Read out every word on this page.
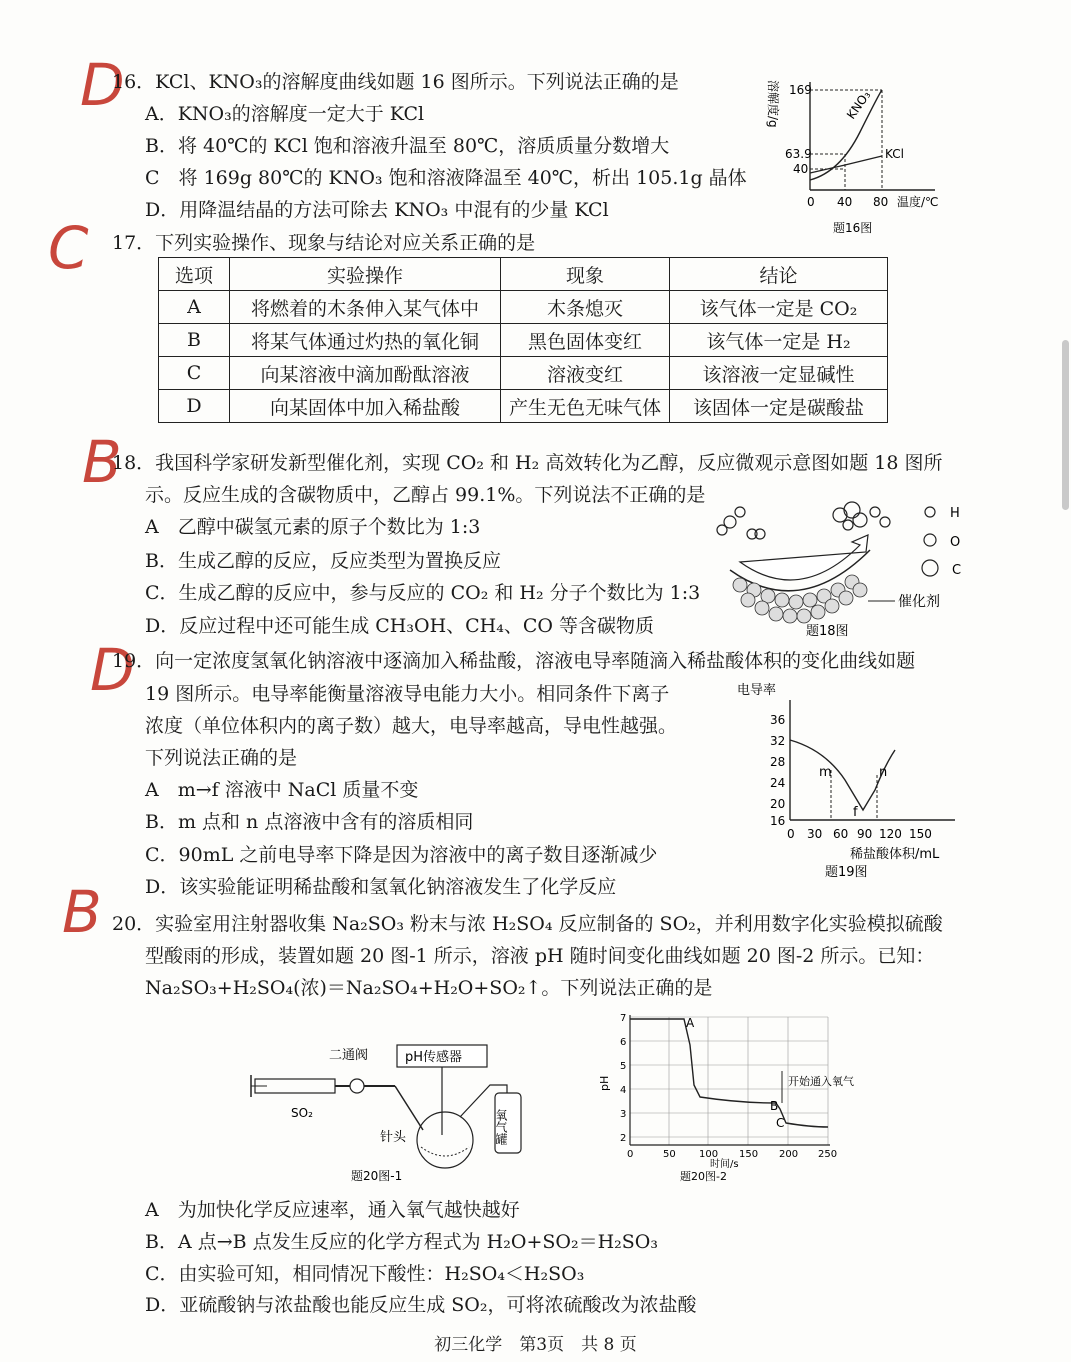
D
C
B
D
B
16．KCl、KNO₃的溶解度曲线如题 16 图所示。下列说法正确的是
A．KNO₃的溶解度一定大于 KCl
B．将 40℃的 KCl 饱和溶液升温至 80℃，溶质质量分数增大
C　将 169g 80℃的 KNO₃ 饱和溶液降温至 40℃，析出 105.1g 晶体
D．用降温结晶的方法可除去 KNO₃ 中混有的少量 KCl
溶解度/g 169
63.9
40
0 40 80 温度/℃
KNO₃
KCl
题16图
17．下列实验操作、现象与结论对应关系正确的是
选项	实验操作	现象	结论
A	将燃着的木条伸入某气体中	木条熄灭	该气体一定是 CO₂
B	将某气体通过灼热的氧化铜	黑色固体变红	该气体一定是 H₂
C	向某溶液中滴加酚酞溶液	溶液变红	该溶液一定显碱性
D	向某固体中加入稀盐酸	产生无色无味气体	该固体一定是碳酸盐
18．我国科学家研发新型催化剂，实现 CO₂ 和 H₂ 高效转化为乙醇，反应微观示意图如题 18 图所
示。反应生成的含碳物质中，乙醇占 99.1%。下列说法不正确的是
A　乙醇中碳氢元素的原子个数比为 1:3
B．生成乙醇的反应，反应类型为置换反应
C．生成乙醇的反应中，参与反应的 CO₂ 和 H₂ 分子个数比为 1:3
D．反应过程中还可能生成 CH₃OH、CH₄、CO 等含碳物质
催化剂
H
O
C
题18图
19．向一定浓度氢氧化钠溶液中逐滴加入稀盐酸，溶液电导率随滴入稀盐酸体积的变化曲线如题
19 图所示。电导率能衡量溶液导电能力大小。相同条件下离子
浓度（单位体积内的离子数）越大，电导率越高，导电性越强。
下列说法正确的是
A　m→f 溶液中 NaCl 质量不变
B．m 点和 n 点溶液中含有的溶质相同
C．90mL 之前电导率下降是因为溶液中的离子数目逐渐减少
D．该实验能证明稀盐酸和氢氧化钠溶液发生了化学反应
电导率
36
32
28
24
20
16
0 30 60 90 120 150
m
f
n
稀盐酸体积/mL
题19图
20．实验室用注射器收集 Na₂SO₃ 粉末与浓 H₂SO₄ 反应制备的 SO₂，并利用数字化实验模拟硫酸
型酸雨的形成，装置如题 20 图-1 所示，溶液 pH 随时间变化曲线如题 20 图-2 所示。已知：
Na₂SO₃+H₂SO₄(浓)＝Na₂SO₄+H₂O+SO₂↑。下列说法正确的是
二通阀
SO₂
pH传感器
氧气罐
针头
题20图-1
pH
7
6
5
4
3
2
0	50 100 150 200 250
时间/s
A
B
C
开始通入氧气
题20图-2
A　为加快化学反应速率，通入氧气越快越好
B．A 点→B 点发生反应的化学方程式为 H₂O+SO₂＝H₂SO₃
C．由实验可知，相同情况下酸性：H₂SO₄＜H₂SO₃
D．亚硫酸钠与浓盐酸也能反应生成 SO₂，可将浓硫酸改为浓盐酸
初三化学　第3页　共 8 页
